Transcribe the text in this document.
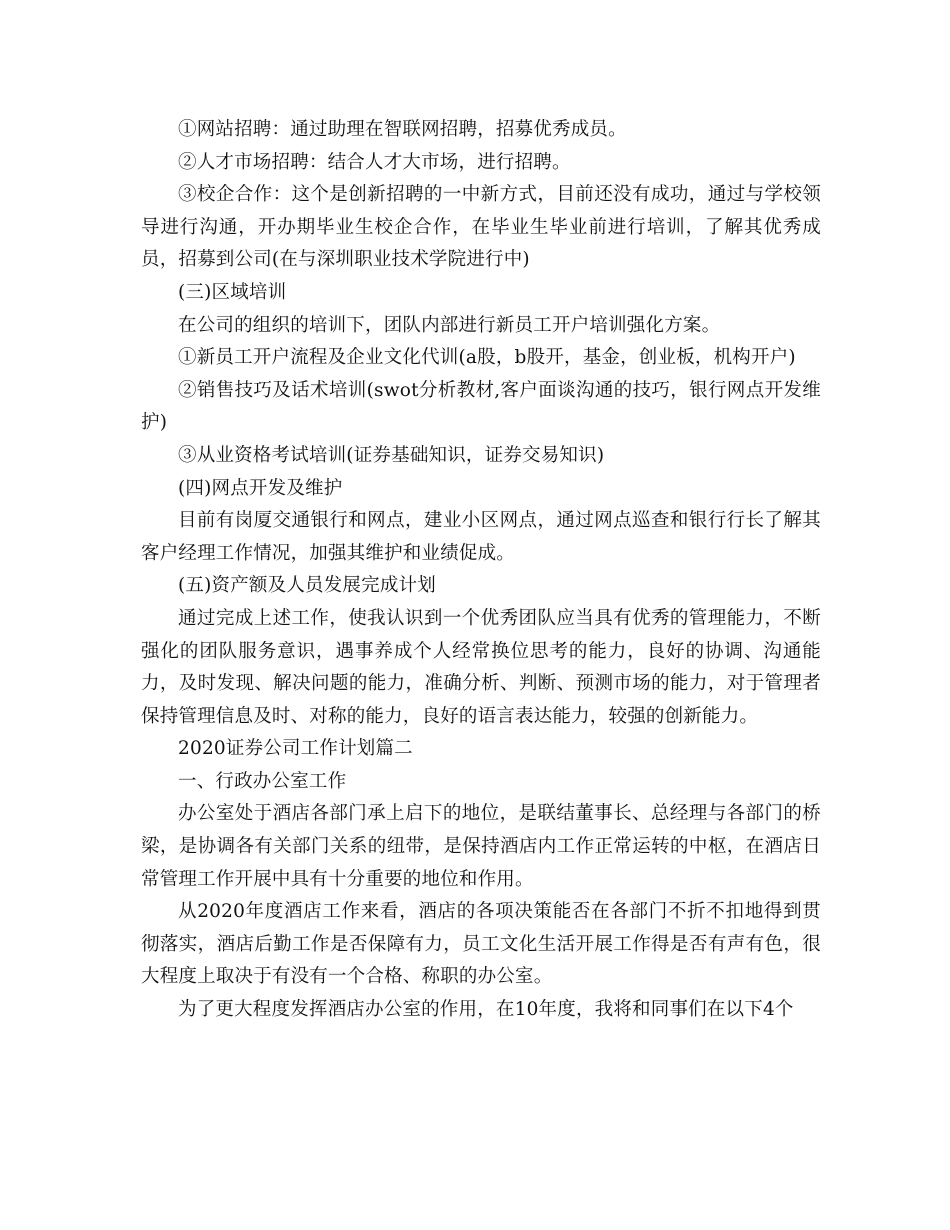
①网站招聘：通过助理在智联网招聘，招募优秀成员。

②人才市场招聘：结合人才大市场，进行招聘。

③校企合作：这个是创新招聘的一中新方式，目前还没有成功，通过与学校领导进行沟通，开办期毕业生校企合作，在毕业生毕业前进行培训，了解其优秀成员，招募到公司(在与深圳职业技术学院进行中)

(三)区域培训

在公司的组织的培训下，团队内部进行新员工开户培训强化方案。

①新员工开户流程及企业文化代训(a股，b股开，基金，创业板，机构开户)

②销售技巧及话术培训(swot分析教材,客户面谈沟通的技巧，银行网点开发维护)

③从业资格考试培训(证券基础知识，证券交易知识)

(四)网点开发及维护

目前有岗厦交通银行和网点，建业小区网点，通过网点巡查和银行行长了解其客户经理工作情况，加强其维护和业绩促成。

(五)资产额及人员发展完成计划

通过完成上述工作，使我认识到一个优秀团队应当具有优秀的管理能力，不断强化的团队服务意识，遇事养成个人经常换位思考的能力，良好的协调、沟通能力，及时发现、解决问题的能力，准确分析、判断、预测市场的能力，对于管理者保持管理信息及时、对称的能力，良好的语言表达能力，较强的创新能力。

2020证券公司工作计划篇二

一、行政办公室工作

办公室处于酒店各部门承上启下的地位，是联结董事长、总经理与各部门的桥梁，是协调各有关部门关系的纽带，是保持酒店内工作正常运转的中枢，在酒店日常管理工作开展中具有十分重要的地位和作用。

从2020年度酒店工作来看，酒店的各项决策能否在各部门不折不扣地得到贯彻落实，酒店后勤工作是否保障有力，员工文化生活开展工作得是否有声有色，很大程度上取决于有没有一个合格、称职的办公室。

为了更大程度发挥酒店办公室的作用，在10年度，我将和同事们在以下4个
